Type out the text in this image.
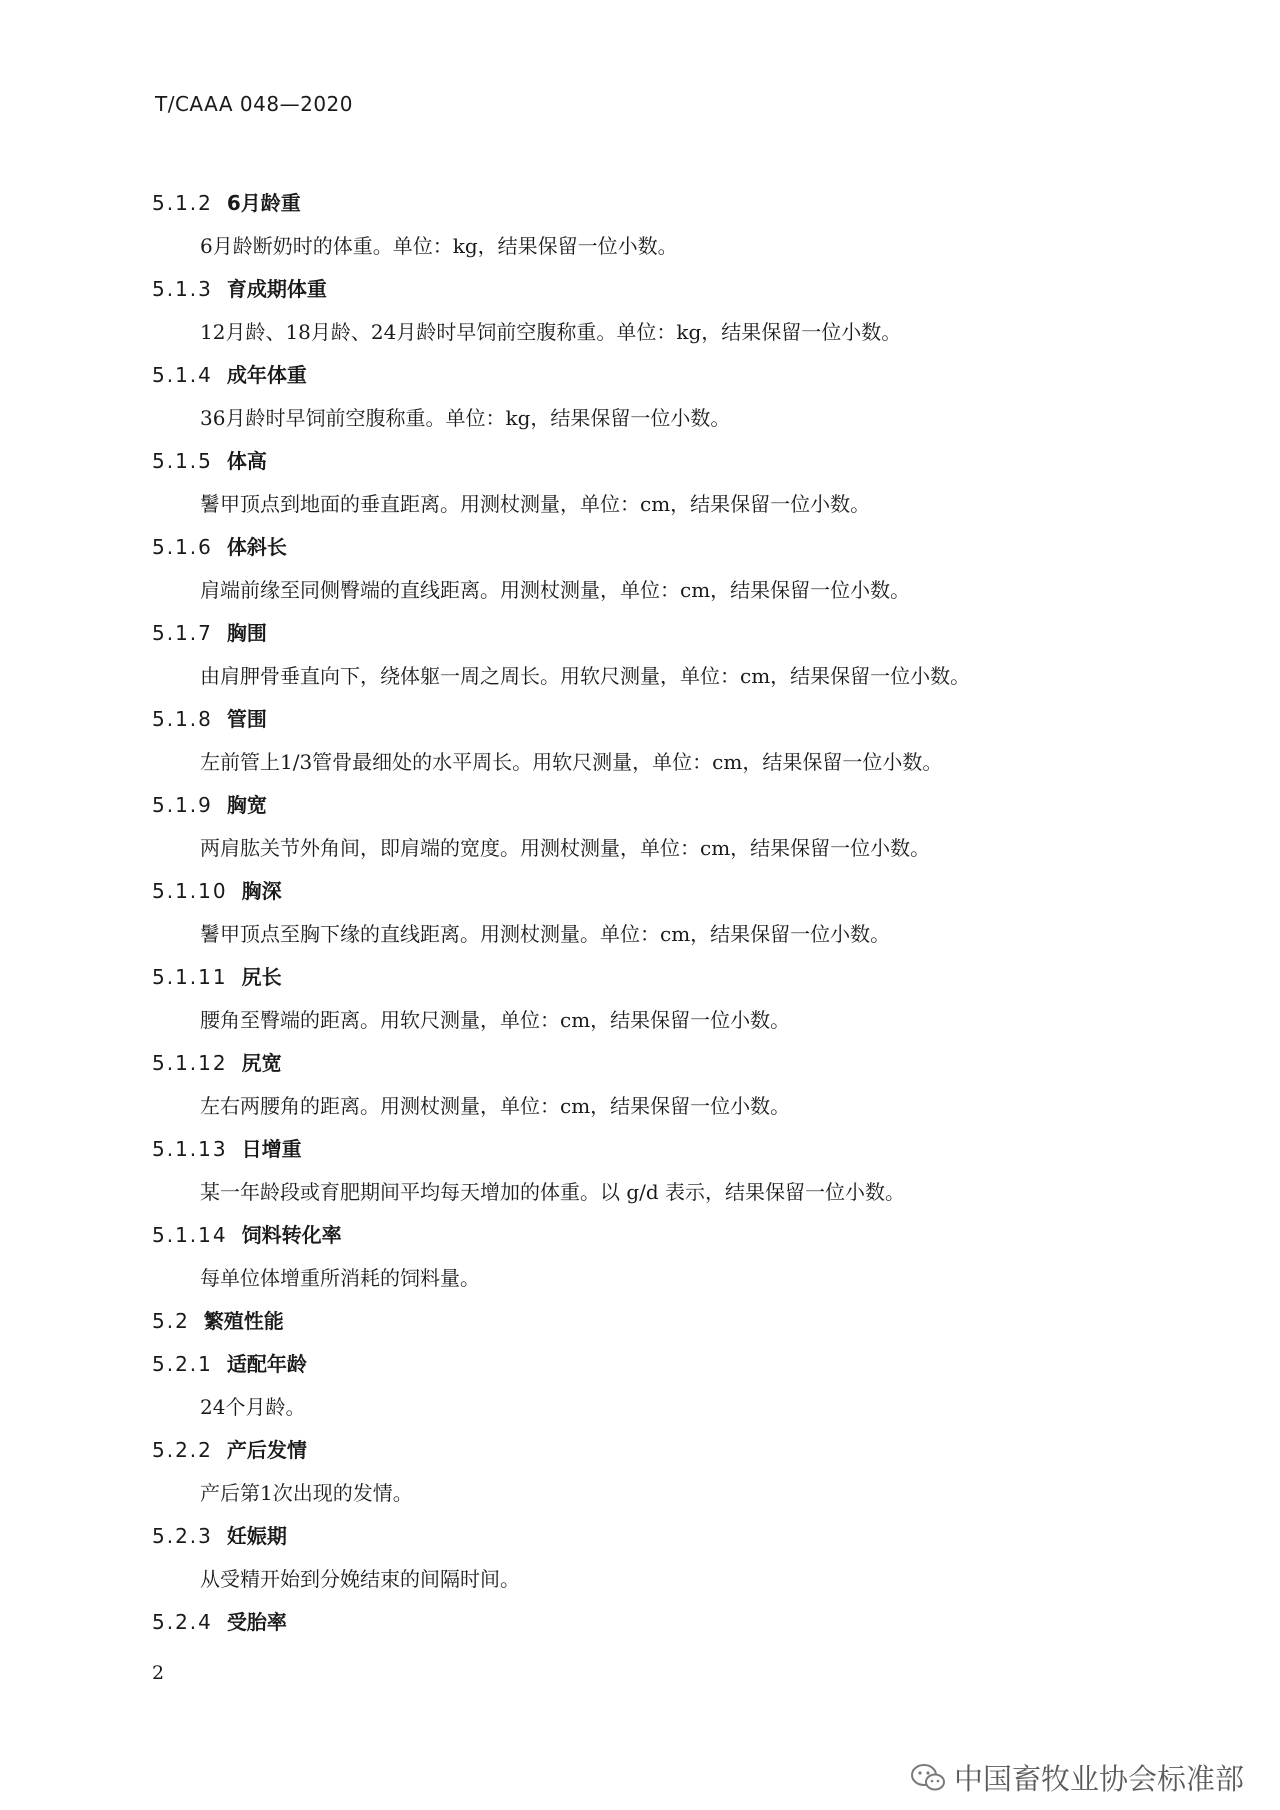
T/CAAA 048—2020
5.1.2 6月龄重
6月龄断奶时的体重。单位：kg，结果保留一位小数。
5.1.3 育成期体重
12月龄、18月龄、24月龄时早饲前空腹称重。单位：kg，结果保留一位小数。
5.1.4 成年体重
36月龄时早饲前空腹称重。单位：kg，结果保留一位小数。
5.1.5 体高
鬐甲顶点到地面的垂直距离。用测杖测量，单位：cm，结果保留一位小数。
5.1.6 体斜长
肩端前缘至同侧臀端的直线距离。用测杖测量，单位：cm，结果保留一位小数。
5.1.7 胸围
由肩胛骨垂直向下，绕体躯一周之周长。用软尺测量，单位：cm，结果保留一位小数。
5.1.8 管围
左前管上1/3管骨最细处的水平周长。用软尺测量，单位：cm，结果保留一位小数。
5.1.9 胸宽
两肩肱关节外角间，即肩端的宽度。用测杖测量，单位：cm，结果保留一位小数。
5.1.10 胸深
鬐甲顶点至胸下缘的直线距离。用测杖测量。单位：cm，结果保留一位小数。
5.1.11 尻长
腰角至臀端的距离。用软尺测量，单位：cm，结果保留一位小数。
5.1.12 尻宽
左右两腰角的距离。用测杖测量，单位：cm，结果保留一位小数。
5.1.13 日增重
某一年龄段或育肥期间平均每天增加的体重。以 g/d 表示，结果保留一位小数。
5.1.14 饲料转化率
每单位体增重所消耗的饲料量。
5.2 繁殖性能
5.2.1 适配年龄
24个月龄。
5.2.2 产后发情
产后第1次出现的发情。
5.2.3 妊娠期
从受精开始到分娩结束的间隔时间。
5.2.4 受胎率
2
中国畜牧业协会标准部
